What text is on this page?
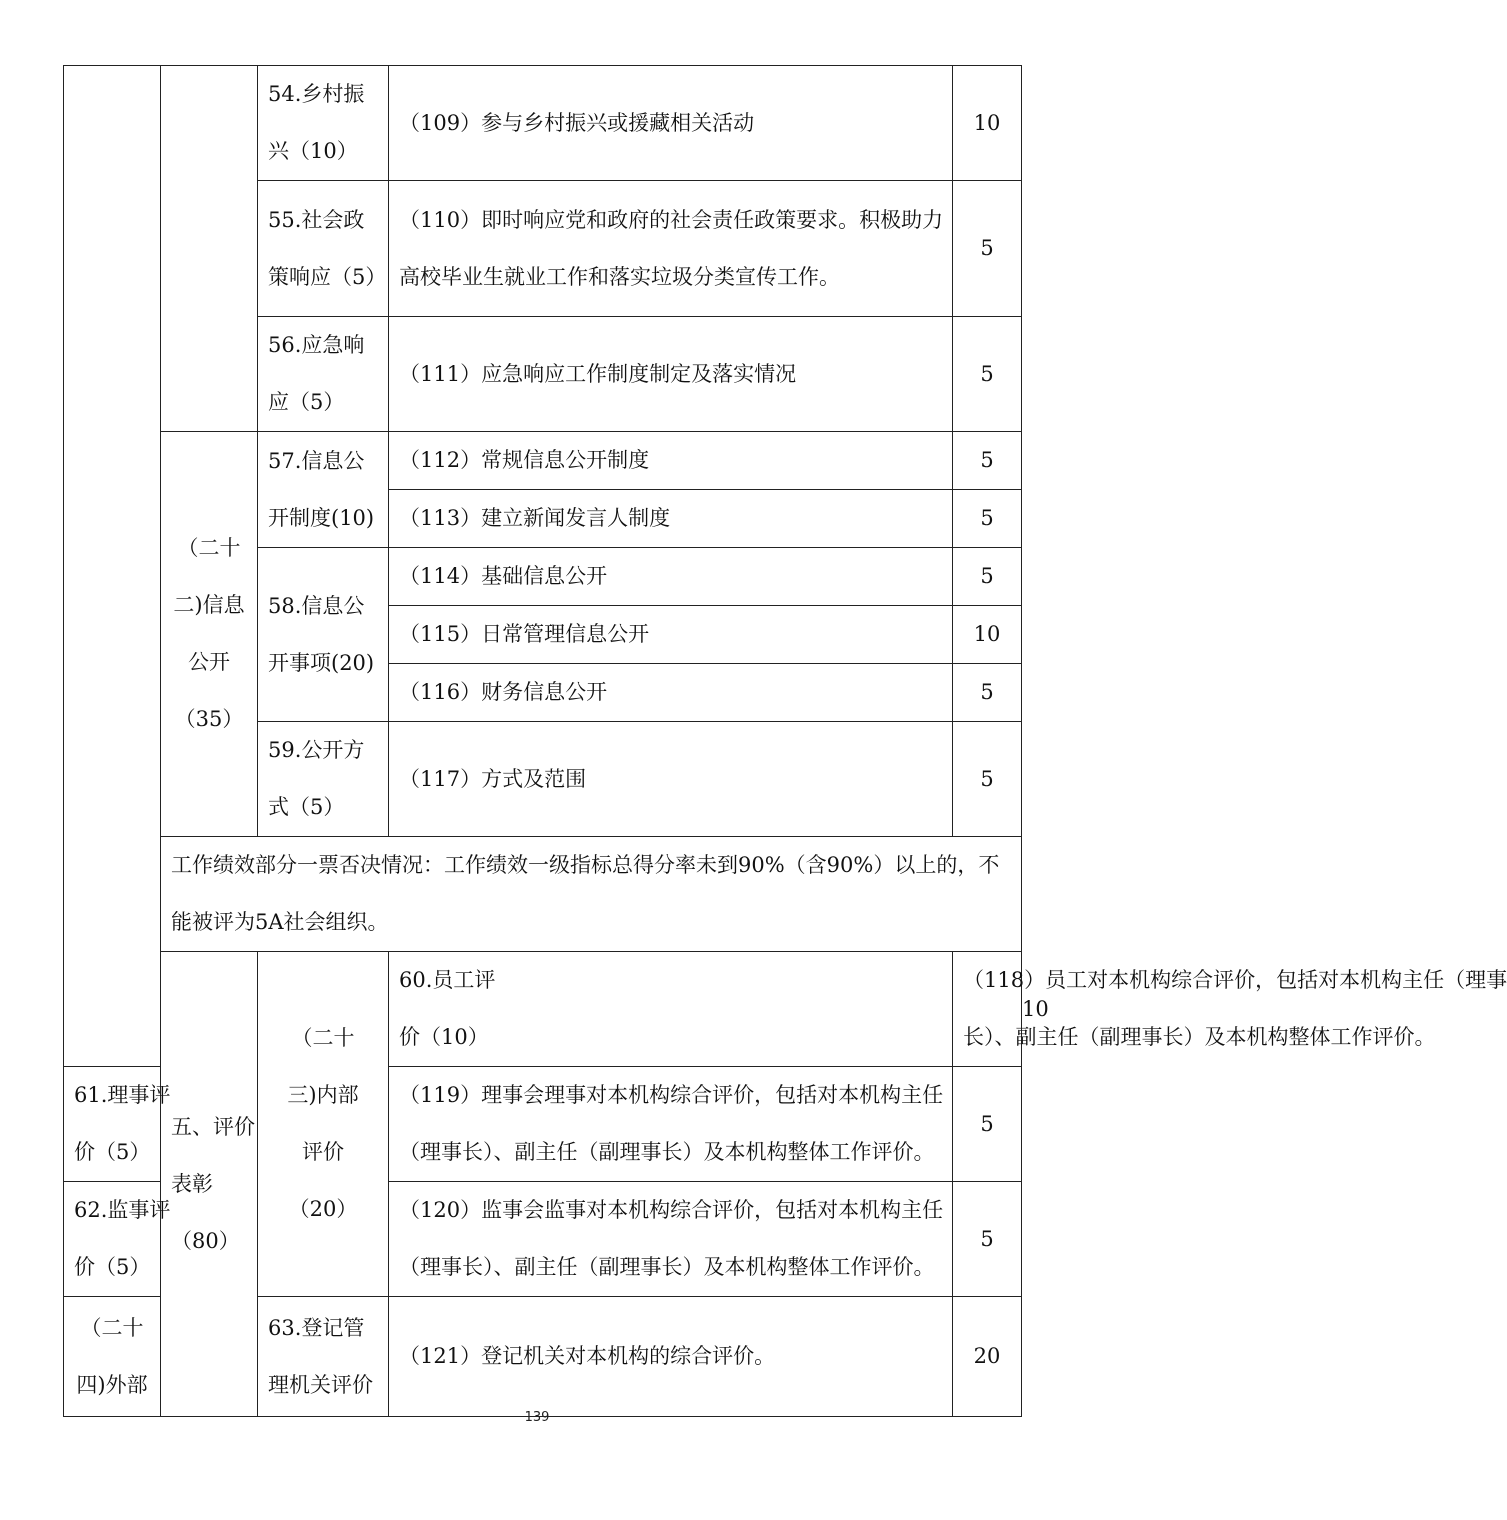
		54.乡村振
兴（10）	（109）参与乡村振兴或援藏相关活动	10	

		55.社会政
策响应（5）	（110）即时响应党和政府的社会责任政策要求。积极助力
高校毕业生就业工作和落实垃圾分类宣传工作。	5	

		56.应急响
应（5）	（111）应急响应工作制度制定及落实情况	5	

	（二十
二)信息
公开
（35）	57.信息公
开制度(10)	（112）常规信息公开制度	5	
			（113）建立新闻发言人制度	5	

		58.信息公
开事项(20)	（114）基础信息公开	5	
			（115）日常管理信息公开	10	
			（116）财务信息公开	5	

		59.公开方
式（5）	（117）方式及范围	5	

	工作绩效部分一票否决情况：工作绩效一级指标总得分率未到90%（含90%）以上的，不
能被评为5A社会组织。				

	五、评价
表彰
（80）	（二十
三)内部
评价
（20）	60.员工评
价（10）	（118）员工对本机构综合评价，包括对本机构主任（理事
长）、副主任（副理事长）及本机构整体工作评价。	10

61.理事评
价（5）			（119）理事会理事对本机构综合评价，包括对本机构主任
（理事长）、副主任（副理事长）及本机构整体工作评价。	5	

62.监事评
价（5）			（120）监事会监事对本机构综合评价，包括对本机构主任
（理事长）、副主任（副理事长）及本机构整体工作评价。	5	

（二十
四)外部		63.登记管
理机关评价	（121）登记机关对本机构的综合评价。	20	
139
